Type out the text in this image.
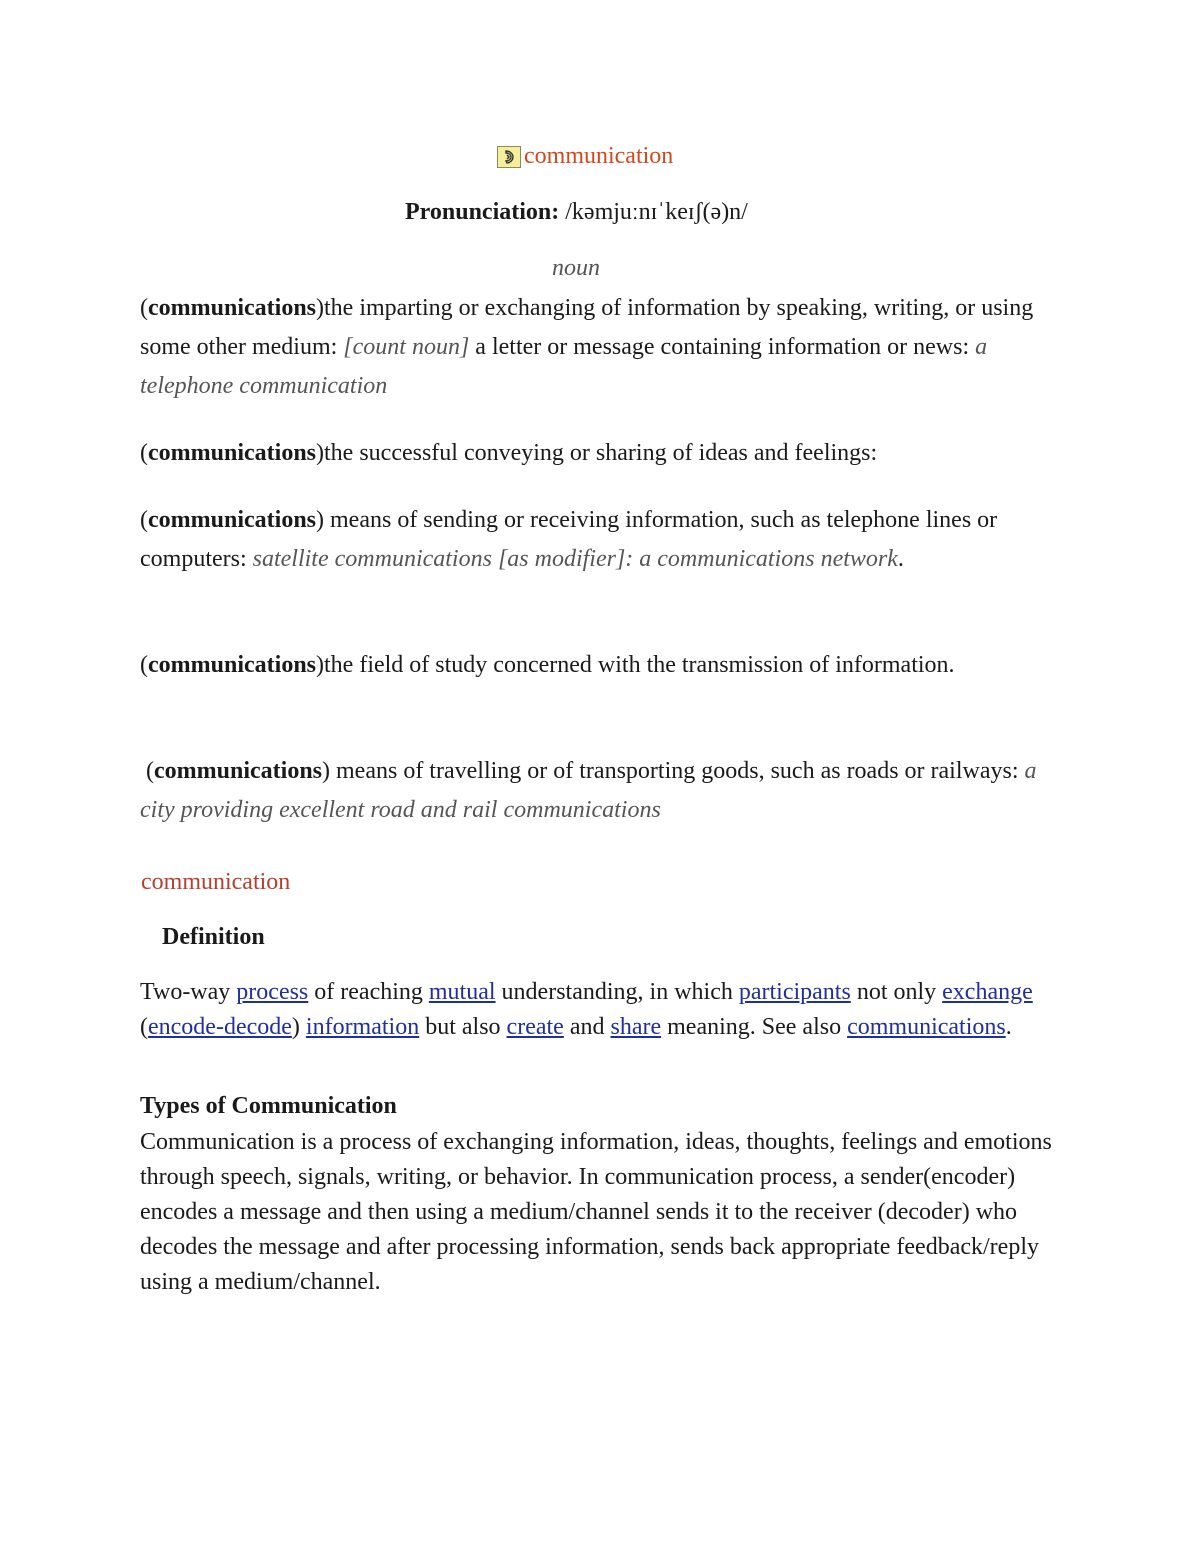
communication
Pronunciation: /kəmjuːnɪˈkeɪʃ(ə)n/
noun
(communications)the imparting or exchanging of information by speaking, writing, or using some other medium: [count noun] a letter or message containing information or news: a telephone communication
(communications)the successful conveying or sharing of ideas and feelings:
(communications) means of sending or receiving information, such as telephone lines or computers: satellite communications [as modifier]: a communications network.
(communications)the field of study concerned with the transmission of information.
(communications) means of travelling or of transporting goods, such as roads or railways: a city providing excellent road and rail communications
communication
Definition
Two-way process of reaching mutual understanding, in which participants not only exchange (encode-decode) information but also create and share meaning. See also communications.
Types of Communication
Communication is a process of exchanging information, ideas, thoughts, feelings and emotions through speech, signals, writing, or behavior. In communication process, a sender(encoder) encodes a message and then using a medium/channel sends it to the receiver (decoder) who decodes the message and after processing information, sends back appropriate feedback/reply using a medium/channel.
